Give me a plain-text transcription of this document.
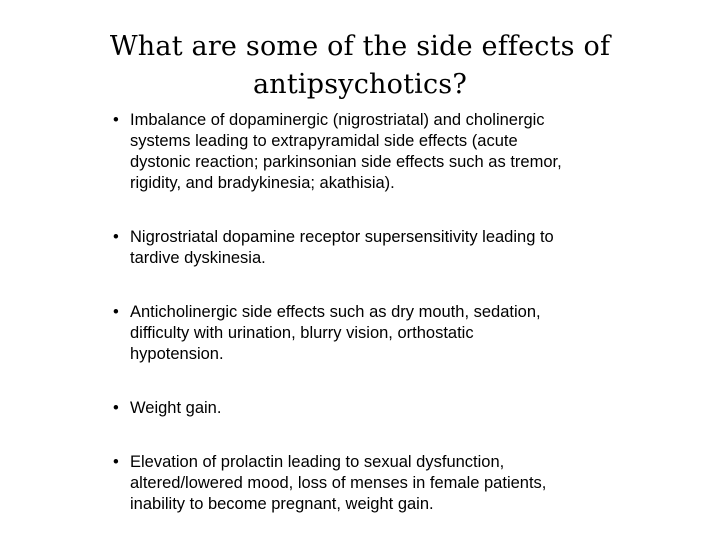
What are some of the side effects of
antipsychotics?
• Imbalance of dopaminergic (nigrostriatal) and cholinergic
systems leading to extrapyramidal side effects (acute
dystonic reaction; parkinsonian side effects such as tremor,
rigidity, and bradykinesia; akathisia).
• Nigrostriatal dopamine receptor supersensitivity leading to
tardive dyskinesia.
• Anticholinergic side effects such as dry mouth, sedation,
difficulty with urination, blurry vision, orthostatic
hypotension.
• Weight gain.
• Elevation of prolactin leading to sexual dysfunction,
altered/lowered mood, loss of menses in female patients,
inability to become pregnant, weight gain.
